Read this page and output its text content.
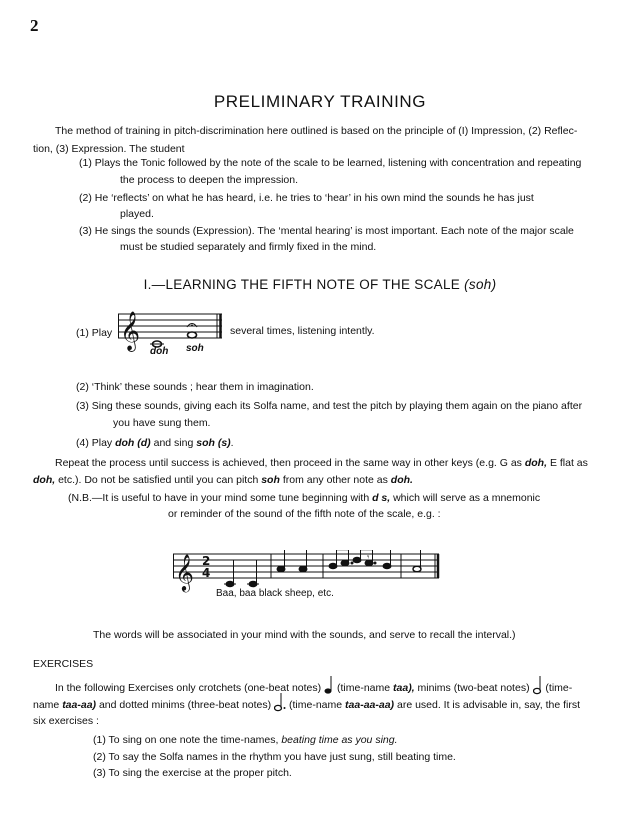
2
PRELIMINARY TRAINING
The method of training in pitch-discrimination here outlined is based on the principle of (I) Impression, (2) Reflec-
tion, (3) Expression. The student
(1) Plays the Tonic followed by the note of the scale to be learned, listening with concentration and repeating
the process to deepen the impression.
(2) He ‘reflects’ on what he has heard, i.e. he tries to ‘hear’ in his own mind the sounds he has just
played.
(3) He sings the sounds (Expression). The ‘mental hearing’ is most important. Each note of the major scale
must be studied separately and firmly fixed in the mind.
I.—LEARNING THE FIFTH NOTE OF THE SCALE (soh)
(1) Play 𝄞
doh soh
several times, listening intently.
(2) ‘Think’ these sounds ; hear them in imagination.
(3) Sing these sounds, giving each its Solfa name, and test the pitch by playing them again on the piano after
you have sung them.
(4) Play doh (d) and sing soh (s).
Repeat the process until success is achieved, then proceed in the same way in other keys (e.g. G as doh, E flat as
doh, etc.). Do not be satisfied until you can pitch soh from any other note as doh.
(N.B.—It is useful to have in your mind some tune beginning with d s, which will serve as a mnemonic
or reminder of the sound of the fifth note of the scale, e.g. :
𝄞 2
4
𝄾
Baa, baa black sheep, etc.
The words will be associated in your mind with the sounds, and serve to recall the interval.)
EXERCISES
In the following Exercises only crotchets (one-beat notes) (time-name taa), minims (two-beat notes) (time-
name taa-aa) and dotted minims (three-beat notes) (time-name taa-aa-aa) are used. It is advisable in, say, the first
six exercises :
(1) To sing on one note the time-names, beating time as you sing.
(2) To say the Solfa names in the rhythm you have just sung, still beating time.
(3) To sing the exercise at the proper pitch.
